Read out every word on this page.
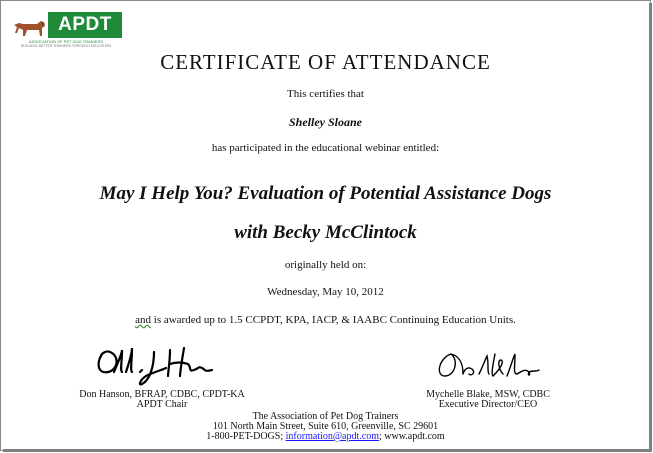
APDT
ASSOCIATION OF PET DOG TRAINERS
BUILDING BETTER TRAINERS THROUGH EDUCATION
CERTIFICATE OF ATTENDANCE
This certifies that
Shelley Sloane
has participated in the educational webinar entitled:
May I Help You? Evaluation of Potential Assistance Dogs
with Becky McClintock
originally held on:
Wednesday, May 10, 2012
and is awarded up to 1.5 CCPDT, KPA, IACP, & IAABC Continuing Education Units.
Don Hanson, BFRAP, CDBC, CPDT-KA
APDT Chair
Mychelle Blake, MSW, CDBC
Executive Director/CEO
The Association of Pet Dog Trainers
101 North Main Street, Suite 610, Greenville, SC 29601
1-800-PET-DOGS; information@apdt.com; www.apdt.com
